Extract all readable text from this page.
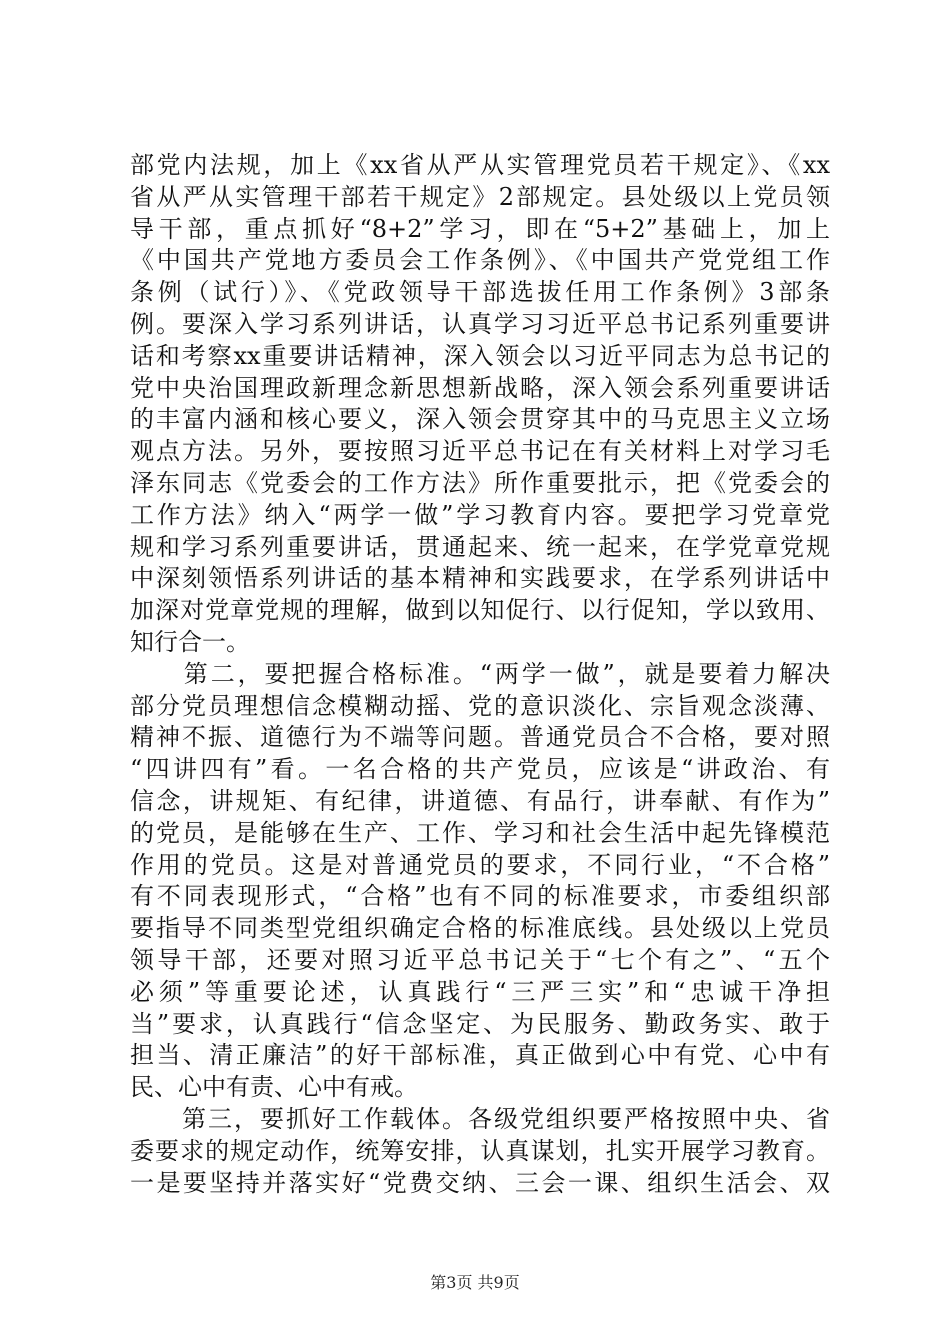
部党内法规，加上《xx省从严从实管理党员若干规定》、《xx
省从严从实管理干部若干规定》2部规定。县处级以上党员领
导干部，重点抓好“8+2”学习，即在“5+2”基础上，加上
《中国共产党地方委员会工作条例》、《中国共产党党组工作
条例（试行）》、《党政领导干部选拔任用工作条例》3部条
例。要深入学习系列讲话，认真学习习近平总书记系列重要讲
话和考察xx重要讲话精神，深入领会以习近平同志为总书记的
党中央治国理政新理念新思想新战略，深入领会系列重要讲话
的丰富内涵和核心要义，深入领会贯穿其中的马克思主义立场
观点方法。另外，要按照习近平总书记在有关材料上对学习毛
泽东同志《党委会的工作方法》所作重要批示，把《党委会的
工作方法》纳入“两学一做”学习教育内容。要把学习党章党
规和学习系列重要讲话，贯通起来、统一起来，在学党章党规
中深刻领悟系列讲话的基本精神和实践要求，在学系列讲话中
加深对党章党规的理解，做到以知促行、以行促知，学以致用、
知行合一。
　　第二，要把握合格标准。“两学一做”，就是要着力解决
部分党员理想信念模糊动摇、党的意识淡化、宗旨观念淡薄、
精神不振、道德行为不端等问题。普通党员合不合格，要对照
“四讲四有”看。一名合格的共产党员，应该是“讲政治、有
信念，讲规矩、有纪律，讲道德、有品行，讲奉献、有作为”
的党员，是能够在生产、工作、学习和社会生活中起先锋模范
作用的党员。这是对普通党员的要求，不同行业，“不合格”
有不同表现形式，“合格”也有不同的标准要求，市委组织部
要指导不同类型党组织确定合格的标准底线。县处级以上党员
领导干部，还要对照习近平总书记关于“七个有之”、“五个
必须”等重要论述，认真践行“三严三实”和“忠诚干净担
当”要求，认真践行“信念坚定、为民服务、勤政务实、敢于
担当、清正廉洁”的好干部标准，真正做到心中有党、心中有
民、心中有责、心中有戒。
　　第三，要抓好工作载体。各级党组织要严格按照中央、省
委要求的规定动作，统筹安排，认真谋划，扎实开展学习教育。
一是要坚持并落实好“党费交纳、三会一课、组织生活会、双
第3页 共9页
